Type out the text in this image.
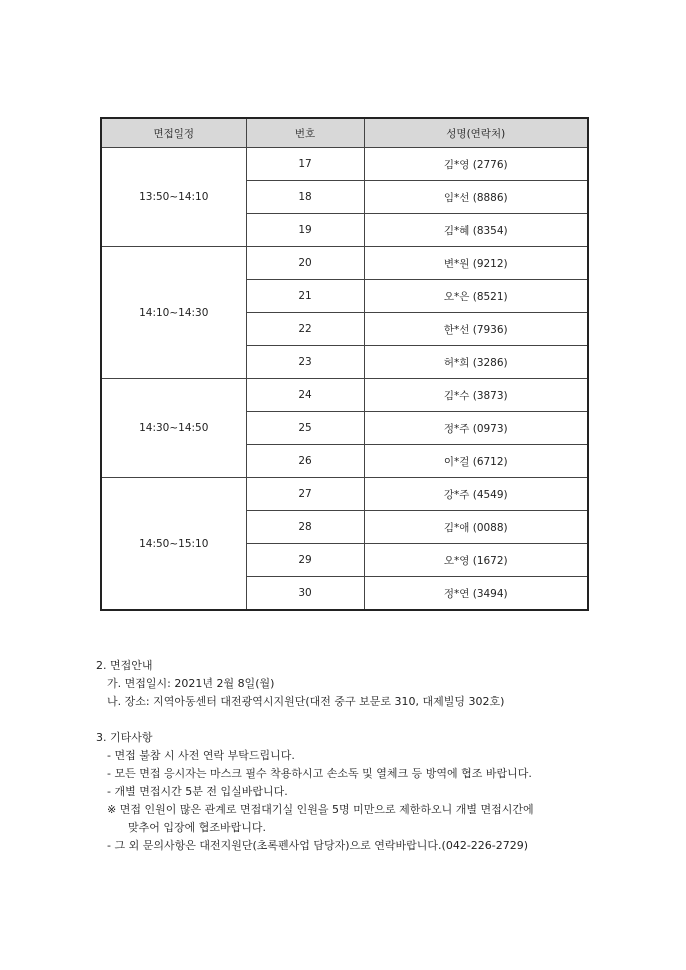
면접일정	번호	성명(연락처)
13:50~14:10	17	김*영 (2776)
	18	임*선 (8886)
	19	김*혜 (8354)
14:10~14:30	20	변*원 (9212)
	21	오*은 (8521)
	22	한*선 (7936)
	23	허*희 (3286)
14:30~14:50	24	김*수 (3873)
	25	정*주 (0973)
	26	이*걸 (6712)
14:50~15:10	27	강*주 (4549)
	28	김*애 (0088)
	29	오*영 (1672)
	30	정*연 (3494)
2. 면접안내
가. 면접일시: 2021년 2월 8일(월)
나. 장소: 지역아동센터 대전광역시지원단(대전 중구 보문로 310, 대제빌딩 302호)
3. 기타사항
- 면접 불참 시 사전 연락 부탁드립니다.
- 모든 면접 응시자는 마스크 필수 착용하시고 손소독 및 열체크 등 방역에 협조 바랍니다.
- 개별 면접시간 5분 전 입실바랍니다.
※ 면접 인원이 많은 관계로 면접대기실 인원을 5명 미만으로 제한하오니 개별 면접시간에
맞추어 입장에 협조바랍니다.
- 그 외 문의사항은 대전지원단(초록펜사업 담당자)으로 연락바랍니다.(042-226-2729)
